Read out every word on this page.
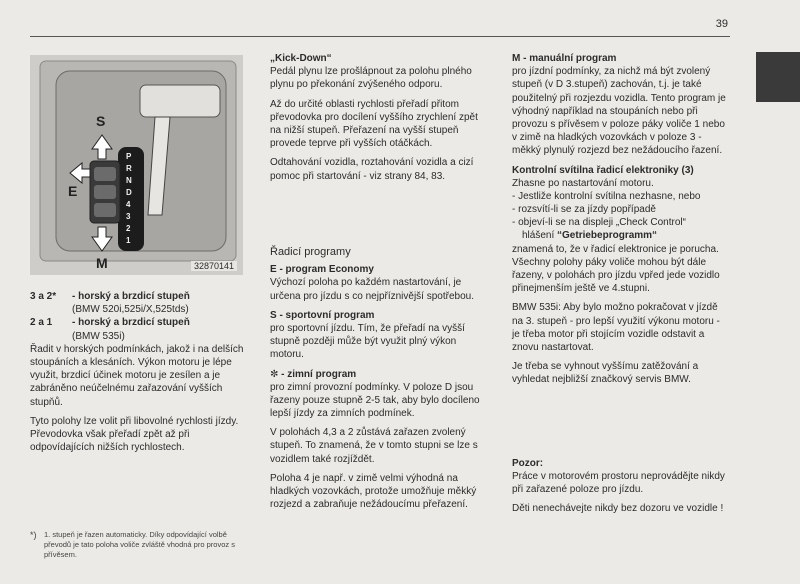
39
S
E
M
P
R
N
D
4
3
2
1
32870141
3 a 2*	- horský a brzdicí stupeň
(BMW 520i,525i/X,525tds)
2 a 1	- horský a brzdicí stupeň
(BMW 535i)

Řadit v horských podmínkách, jakož i na delších stoupáních a klesáních. Výkon motoru je lépe využit, brzdicí účinek motoru je zesílen a je zabráněno neúčelnému zařazování vyšších stupňů.

Tyto polohy lze volit při libovolné rychlosti jízdy. Převodovka však přeřadí zpět až při odpovídajících nižších rychlostech.

*)	1. stupeň je řazen automaticky. Díky odpovídající volbě převodů je tato poloha voliče zvláště vhodná pro provoz s přívěsem.
„Kick-Down“

Pedál plynu lze prošlápnout za polohu plného plynu po překonání zvýšeného odporu.

Až do určité oblasti rychlosti přeřadí přitom převodovka pro docílení vyššího zrychlení zpět na nižší stupeň. Přeřazení na vyšší stupeň provede teprve při vyšších otáčkách.

Odtahování vozidla, roztahování vozidla a cizí pomoc při startování - viz strany 84, 83.

Řadicí programy
E - program Economy

Výchozí poloha po každém nastartování, je určena pro jízdu s co nejpříznivější spotřebou.

S - sportovní program

pro sportovní jízdu. Tím, že přeřadí na vyšší stupně později může být využit plný výkon motoru.

✼ - zimní program

pro zimní provozní podmínky. V poloze D jsou řazeny pouze stupně 2-5 tak, aby bylo docíleno lepší jízdy za zimních podmínek.

V polohách 4,3 a 2 zůstává zařazen zvolený stupeň. To znamená, že v tomto stupni se lze s vozidlem také rozjíždět.

Poloha 4 je např. v zimě velmi výhodná na hladkých vozovkách, protože umožňuje měkký rozjezd a zabraňuje nežádoucímu přeřazení.

M - manuální program

pro jízdní podmínky, za nichž má být zvolený stupeň (v D 3.stupeň) zachován, t.j. je také použitelný při rozjezdu vozidla. Tento program je výhodný například na stoupáních nebo při provozu s přívěsem v poloze páky voliče 1 nebo v zimě na hladkých vozovkách v poloze 3 - měkký plynulý rozjezd bez nežádoucího řazení.

Kontrolní svítilna řadicí elektroniky (3)
Zhasne po nastartování motoru.
- Jestliže kontrolní svítilna nezhasne, nebo
- rozsvítí-li se za jízdy popřípadě
- objeví-li se na displeji „Check Control“
hlášení “Getriebeprogramm“
znamená to, že v řadicí elektronice je porucha.

Všechny polohy páky voliče mohou být dále řazeny, v polohách pro jízdu vpřed jede vozidlo přinejmenším ještě ve 4.stupni.

BMW 535i: Aby bylo možno pokračovat v jízdě na 3. stupeň - pro lepší využití výkonu motoru - je třeba motor při stojícím vozidle odstavit a znovu nastartovat.

Je třeba se vyhnout vyššímu zatěžování a vyhledat nejbližší značkový servis BMW.

Pozor:

Práce v motorovém prostoru neprovádějte nikdy při zařazené poloze pro jízdu.

Děti nenechávejte nikdy bez dozoru ve vozidle !
